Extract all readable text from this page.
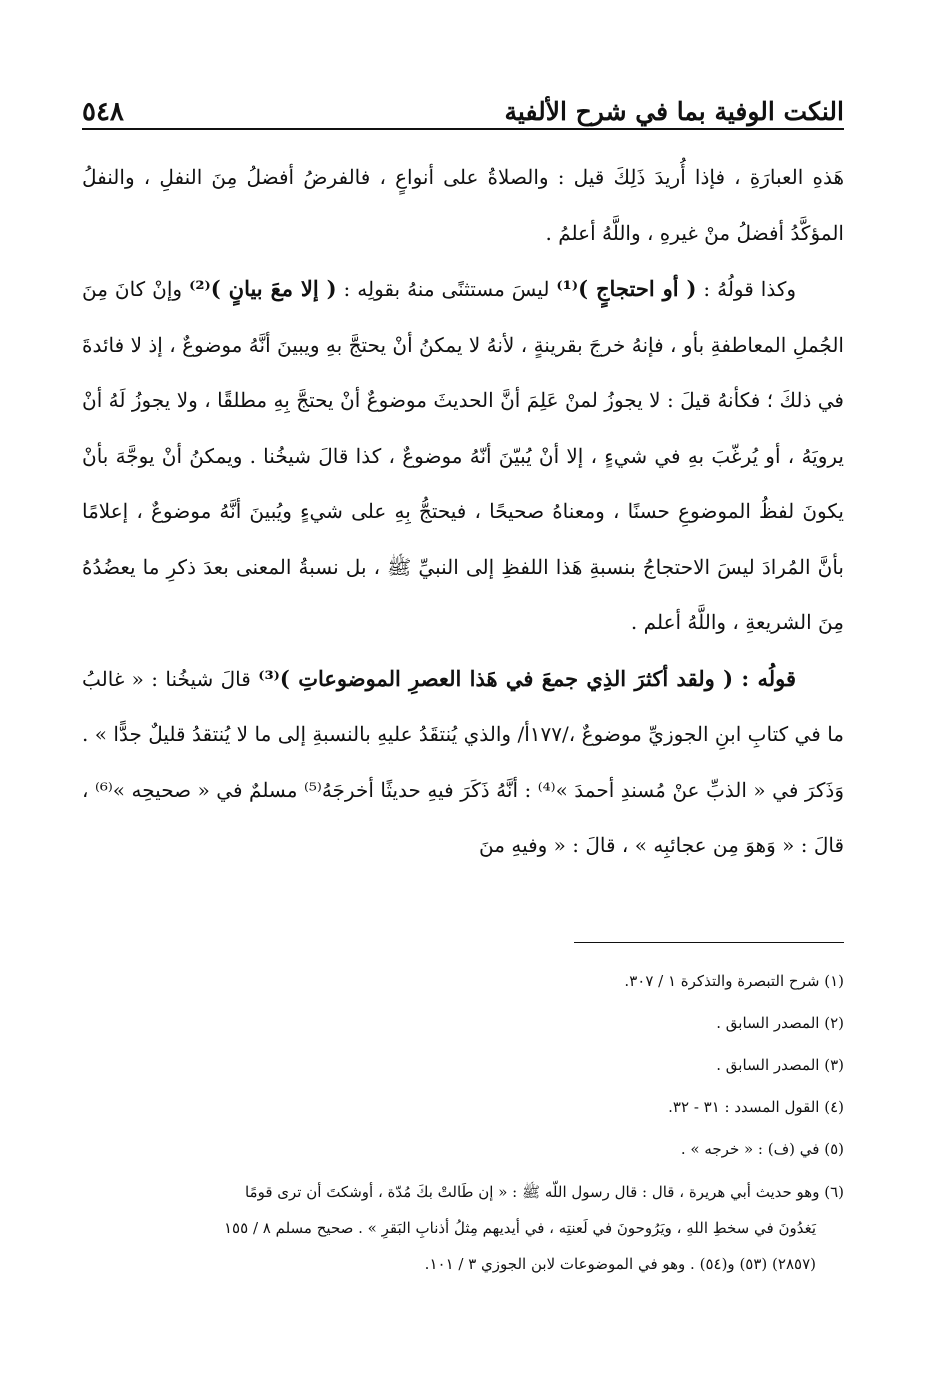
النكت الوفية بما في شرح الألفية
٥٤٨

هَذهِ العبارَةِ ، فإذا أُريدَ ذَلِكَ قيل : والصلاةُ على أنواعٍ ، فالفرضُ أفضلُ مِنَ النفلِ ، والنفلُ المؤكَّدُ أفضلُ منْ غيرهِ ، واللَّهُ أعلمُ .

وكذا قولُهُ : ( أو احتجاجٍ )⁽¹⁾ ليسَ مستثنًى منهُ بقولِه : ( إلا معَ بيانٍ )⁽²⁾ وإنْ كانَ مِنَ الجُملِ المعاطفةِ بأو ، فإنهُ خرجَ بقرينةٍ ، لأنهُ لا يمكنُ أنْ يحتجَّ بهِ ويبينَ أنَّهُ موضوعٌ ، إذ لا فائدةَ في ذلكَ ؛ فكأنهُ قيلَ : لا يجوزُ لمنْ عَلِمَ أنَّ الحديثَ موضوعٌ أنْ يحتجَّ بِهِ مطلقًا ، ولا يجوزُ لَهُ أنْ يرويَهُ ، أو يُرغّبَ بهِ في شيءٍ ، إلا أنْ يُبيّنَ أنّهُ موضوعٌ ، كذا قالَ شيخُنا . ويمكنُ أنْ يوجَّهَ بأنْ يكونَ لفظُ الموضوعِ حسنًا ، ومعناهُ صحيحًا ، فيحتجُّ بِهِ على شيءٍ ويُبينَ أنَّهُ موضوعٌ ، إعلامًا بأنَّ المُرادَ ليسَ الاحتجاجُ بنسبةِ هَذا اللفظِ إلى النبيِّ ﷺ ، بل نسبةُ المعنى بعدَ ذكرِ ما يعضُدُهُ مِنَ الشريعةِ ، واللَّهُ أعلم .

قولُه : ( ولقد أكثرَ الذِي جمعَ في هَذا العصرِ الموضوعاتِ )⁽³⁾ قالَ شيخُنا : « غالبُ ما في كتابِ ابنِ الجوزيِّ موضوعٌ ،/١٧٧أ/ والذي يُنتقَدُ عليهِ بالنسبةِ إلى ما لا يُنتقدُ قليلٌ جدًّا » . وَذَكرَ في « الذبِّ عنْ مُسندِ أحمدَ »⁽⁴⁾ : أنَّهُ ذَكَرَ فيهِ حديثًا أخرجَهُ⁽⁵⁾ مسلمٌ في « صحيحِه »⁽⁶⁾ ، قالَ : « وَهوَ مِن عجائبِه » ، قالَ : « وفيهِ منَ

(١) شرح التبصرة والتذكرة ١ / ٣٠٧.
(٢) المصدر السابق .
(٣) المصدر السابق .
(٤) القول المسدد : ٣١ - ٣٢.
(٥) في (ف) : « خرجه » .
(٦) وهو حديث أبي هريرة ، قال : قال رسول اللّه ﷺ : « إن طَالتْ بكَ مُدّة ، أوشكتَ أن ترى قومًا
يَغدُونَ في سخطِ اللهِ ، ويَرُوحونَ في لَعنتِه ، في أيديهم مِثلُ أذنابِ البَقرِ » . صحيح مسلم ٨ / ١٥٥
(٢٨٥٧) (٥٣) و(٥٤) . وهو في الموضوعات لابن الجوزي ٣ / ١٠١.
